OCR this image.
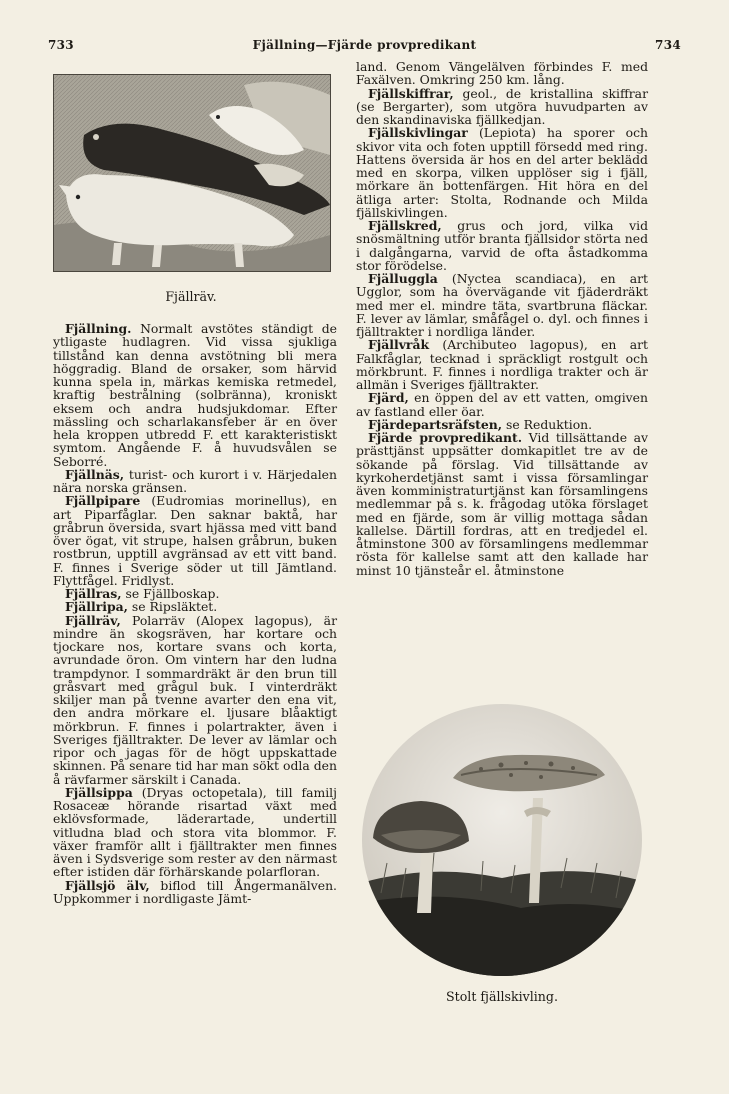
733	Fjällning—Fjärde provpredikant	734
Fjällräv.

Fjällning. Normalt avstötes ständigt de ytligaste hudlagren. Vid vissa sjukliga tillstånd kan denna avstötning bli mera höggradig. Bland de orsaker, som härvid kunna spela in, märkas kemiska retmedel, kraftig bestrålning (solbränna), kroniskt eksem och andra hudsjukdomar. Efter mässling och scharlakansfeber är en över hela kroppen utbredd F. ett karakteristiskt symtom. Angående F. å huvudsvålen se Seborré.

Fjällnäs, turist- och kurort i v. Härjedalen nära norska gränsen.

Fjällpipare (Eudromias morinellus), en art Piparfåglar. Den saknar baktå, har gråbrun översida, svart hjässa med vitt band över ögat, vit strupe, halsen gråbrun, buken rostbrun, upptill avgränsad av ett vitt band. F. finnes i Sverige söder ut till Jämtland. Flyttfågel. Fridlyst.

Fjällras, se Fjällboskap.

Fjällripa, se Ripsläktet.

Fjällräv, Polarräv (Alopex lagopus), är mindre än skogsräven, har kortare och tjockare nos, kortare svans och korta, avrundade öron. Om vintern har den ludna trampdynor. I sommardräkt är den brun till gråsvart med grågul buk. I vinterdräkt skiljer man på tvenne avarter den ena vit, den andra mörkare el. ljusare blåaktigt mörkbrun. F. finnes i polartrakter, även i Sveriges fjälltrakter. De lever av lämlar och ripor och jagas för de högt uppskattade skinnen. På senare tid har man sökt odla den å rävfarmer särskilt i Canada.

Fjällsippa (Dryas octopetala), till familj Rosaceæ hörande risartad växt med eklövsformade, läderartade, undertill vitludna blad och stora vita blommor. F. växer framför allt i fjälltrakter men finnes även i Sydsverige som rester av den närmast efter istiden där förhärskande polarfloran.

Fjällsjö älv, biflod till Ångermanälven. Uppkommer i nordligaste Jämt-

land. Genom Vängelälven förbindes F. med Faxälven. Omkring 250 km. lång.

Fjällskiffrar, geol., de kristallina skiffrar (se Bergarter), som utgöra huvudparten av den skandinaviska fjällkedjan.

Fjällskivlingar (Lepiota) ha sporer och skivor vita och foten upptill försedd med ring. Hattens översida är hos en del arter beklädd med en skorpa, vilken upplöser sig i fjäll, mörkare än bottenfärgen. Hit höra en del ätliga arter: Stolta, Rodnande och Milda fjällskivlingen.

Fjällskred, grus och jord, vilka vid snösmältning utför branta fjällsidor störta ned i dalgångarna, varvid de ofta åstadkomma stor förödelse.

Fjälluggla (Nyctea scandiaca), en art Ugglor, som ha övervägande vit fjäderdräkt med mer el. mindre täta, svartbruna fläckar. F. lever av lämlar, småfågel o. dyl. och finnes i fjälltrakter i nordliga länder.

Fjällvråk (Archibuteo lagopus), en art Falkfåglar, tecknad i spräckligt rostgult och mörkbrunt. F. finnes i nordliga trakter och är allmän i Sveriges fjälltrakter.

Fjärd, en öppen del av ett vatten, omgiven av fastland eller öar.

Fjärdepartsräfsten, se Reduktion.

Fjärde provpredikant. Vid tillsättande av prästtjänst uppsätter domkapitlet tre av de sökande på förslag. Vid tillsättande av kyrkoherdetjänst samt i vissa församlingar även komministraturtjänst kan församlingens medlemmar på s. k. frågodag utöka förslaget med en fjärde, som är villig mottaga sådan kallelse. Därtill fordras, att en tredjedel el. åtminstone 300 av församlingens medlemmar rösta för kallelse samt att den kallade har minst 10 tjänsteår el. åtminstone

Stolt fjällskivling.
